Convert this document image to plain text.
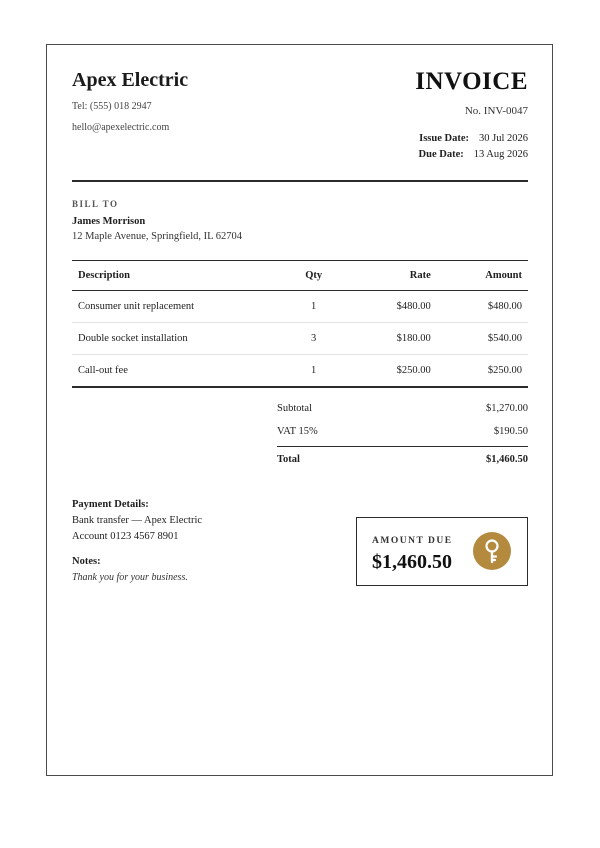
Apex Electric
Tel: (555) 018 2947
hello@apexelectric.com
INVOICE
No. INV-0047
Issue Date: 30 Jul 2026
Due Date: 13 Aug 2026
BILL TO
James Morrison
12 Maple Avenue, Springfield, IL 62704
Description	Qty	Rate	Amount
Consumer unit replacement	1	$480.00	$480.00
Double socket installation	3	$180.00	$540.00
Call-out fee	1	$250.00	$250.00
Subtotal	$1,270.00
VAT 15%	$190.50
Total	$1,460.50
Payment Details:
Bank transfer — Apex Electric
Account 0123 4567 8901
Notes:
Thank you for your business.
AMOUNT DUE
$1,460.50
